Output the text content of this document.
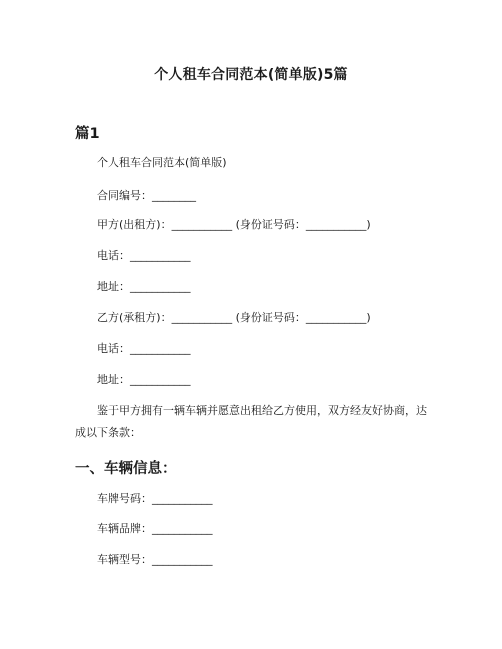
个人租车合同范本(简单版)5篇
篇1
个人租车合同范本(简单版)
合同编号：________
甲方(出租方)：___________ (身份证号码：___________)
电话：___________
地址：___________
乙方(承租方)：___________ (身份证号码：___________)
电话：___________
地址：___________
鉴于甲方拥有一辆车辆并愿意出租给乙方使用，双方经友好协商，达成以下条款：
一、车辆信息：
车牌号码：___________
车辆品牌：___________
车辆型号：___________
